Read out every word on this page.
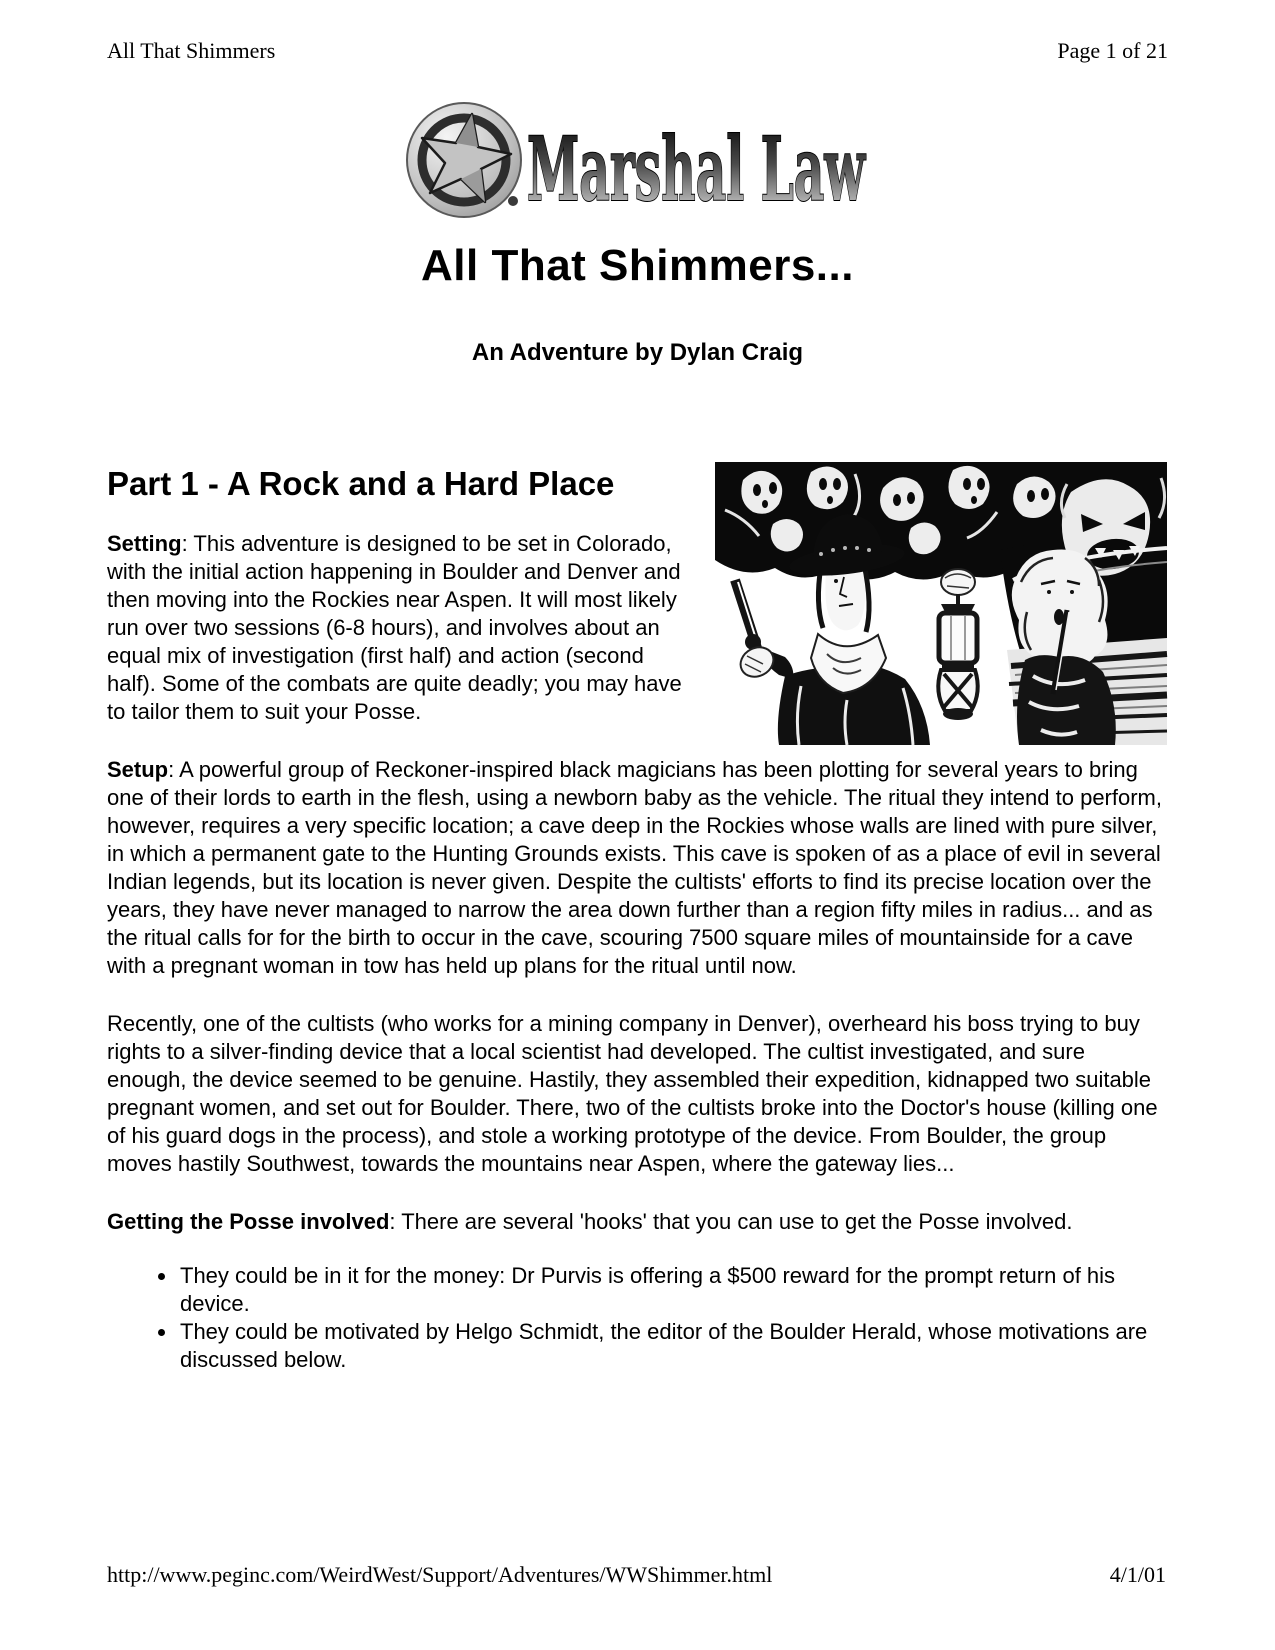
All That Shimmers	Page 1 of 21
Marshal Law
All That Shimmers...
An Adventure by Dylan Craig
Part 1 - A Rock and a Hard Place

Setting: This adventure is designed to be set in Colorado, with the initial action happening in Boulder and Denver and then moving into the Rockies near Aspen. It will most likely run over two sessions (6-8 hours), and involves about an equal mix of investigation (first half) and action (second half). Some of the combats are quite deadly; you may have to tailor them to suit your Posse.

Setup: A powerful group of Reckoner-inspired black magicians has been plotting for several years to bring one of their lords to earth in the flesh, using a newborn baby as the vehicle. The ritual they intend to perform, however, requires a very specific location; a cave deep in the Rockies whose walls are lined with pure silver, in which a permanent gate to the Hunting Grounds exists. This cave is spoken of as a place of evil in several Indian legends, but its location is never given. Despite the cultists' efforts to find its precise location over the years, they have never managed to narrow the area down further than a region fifty miles in radius... and as the ritual calls for for the birth to occur in the cave, scouring 7500 square miles of mountainside for a cave with a pregnant woman in tow has held up plans for the ritual until now.

Recently, one of the cultists (who works for a mining company in Denver), overheard his boss trying to buy rights to a silver-finding device that a local scientist had developed. The cultist investigated, and sure enough, the device seemed to be genuine. Hastily, they assembled their expedition, kidnapped two suitable pregnant women, and set out for Boulder. There, two of the cultists broke into the Doctor's house (killing one of his guard dogs in the process), and stole a working prototype of the device. From Boulder, the group moves hastily Southwest, towards the mountains near Aspen, where the gateway lies...

Getting the Posse involved: There are several 'hooks' that you can use to get the Posse involved.

• They could be in it for the money: Dr Purvis is offering a $500 reward for the prompt return of his device.
• They could be motivated by Helgo Schmidt, the editor of the Boulder Herald, whose motivations are discussed below.
http://www.peginc.com/WeirdWest/Support/Adventures/WWShimmer.html	4/1/01
